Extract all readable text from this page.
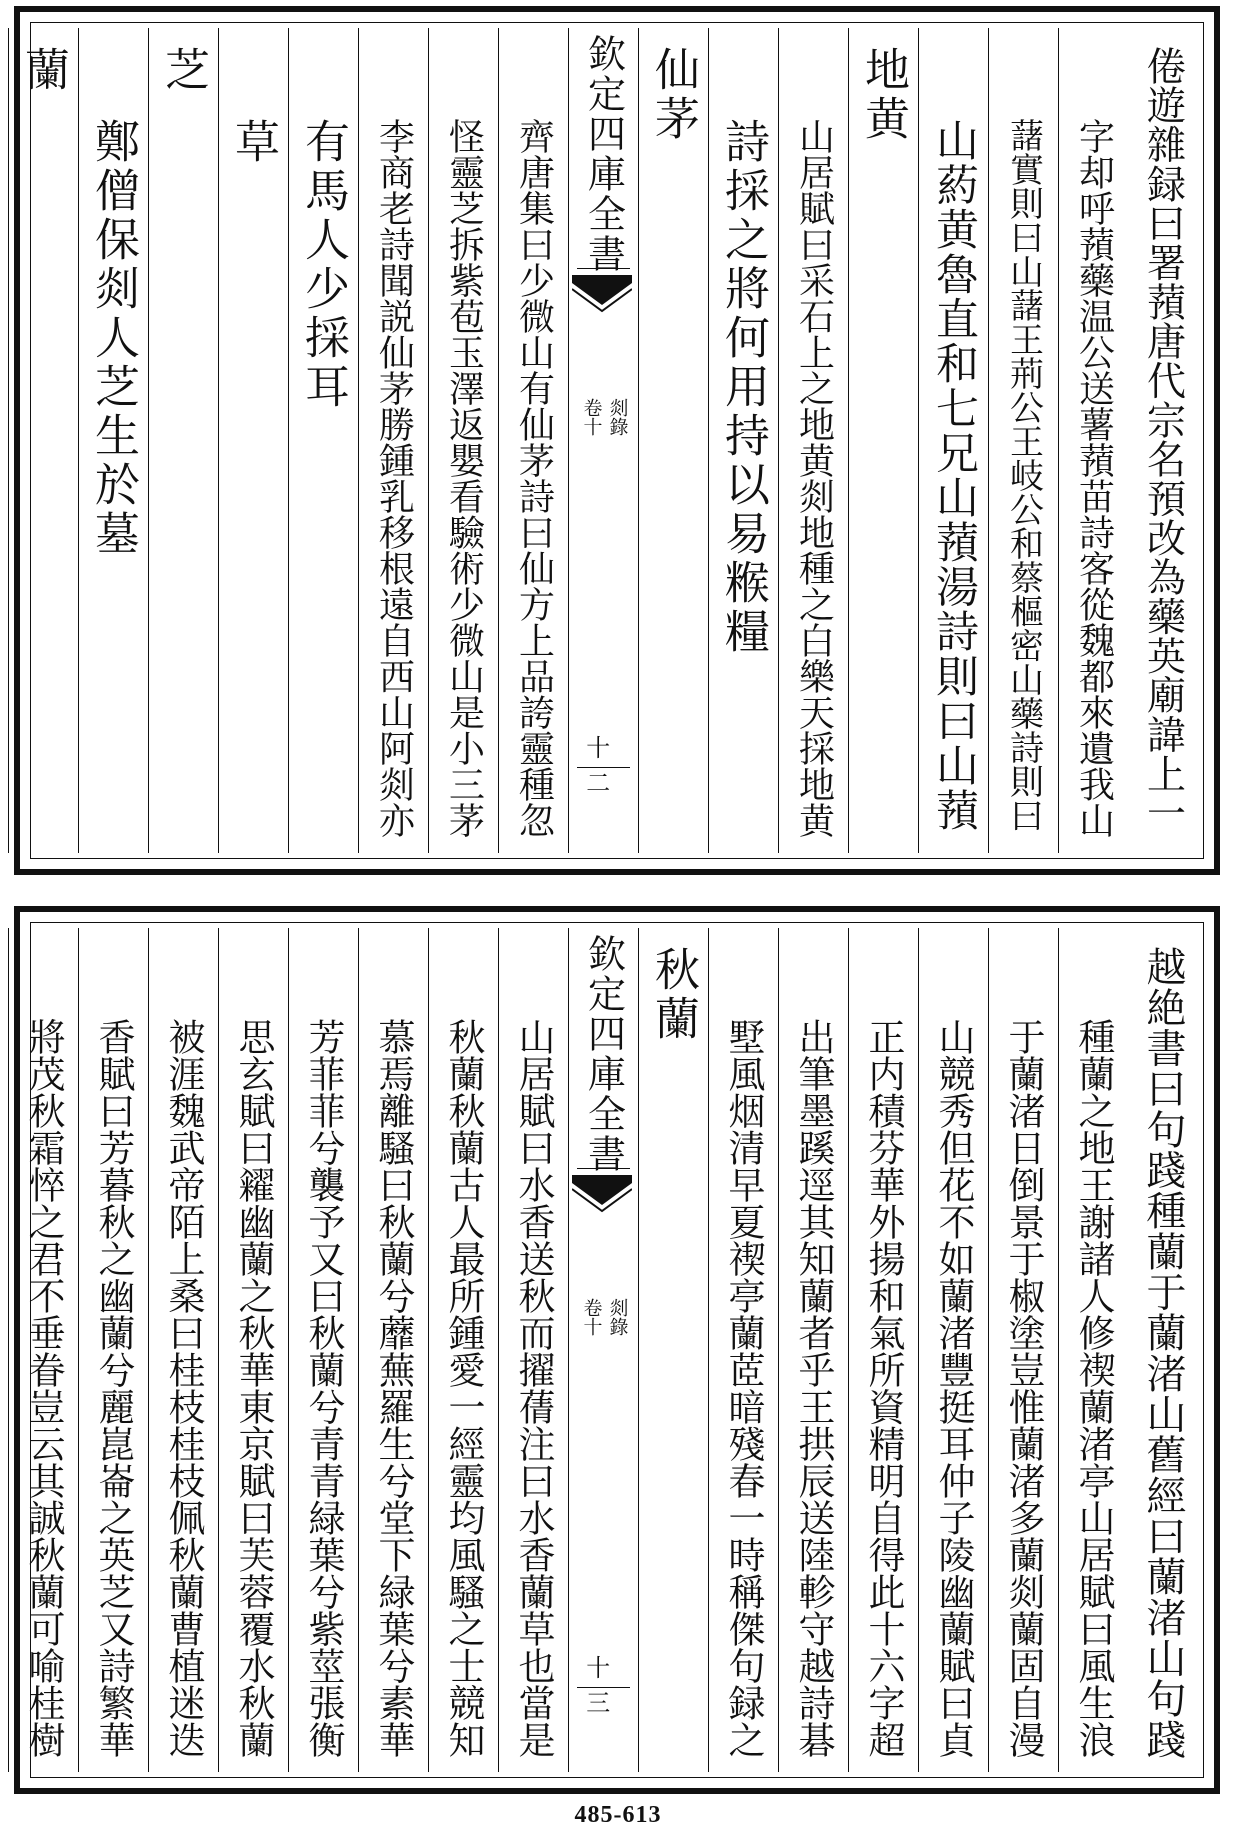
倦遊雜録曰署蕷唐代宗名預改為藥英廟諱上一
字却呼蕷藥温公送薯蕷苗詩客從魏都來遺我山
藷實則曰山藷王荊公王岐公和蔡樞密山藥詩則曰
山葯黄魯直和七兄山蕷湯詩則曰山蕷
地黄
山居賦曰采石上之地黄剡地種之白樂天採地黄
詩採之將何用持以易糇糧
仙茅
欽定四庫全書
剡錄
卷十
十二
齊唐集曰少微山有仙茅詩曰仙方上品誇靈種忽
怪靈芝拆紫苞玉澤返嬰看驗術少微山是小三茅
李商老詩聞説仙茅勝鍾乳移根遠自西山阿剡亦
有馬人少採耳
草
芝
鄭僧保剡人芝生於墓
蘭
越絶書曰句踐種蘭于蘭渚山舊經曰蘭渚山句踐
種蘭之地王謝諸人修禊蘭渚亭山居賦曰風生浪
于蘭渚日倒景于椒塗豈惟蘭渚多蘭剡蘭固自漫
山競秀但花不如蘭渚豐挺耳仲子陵幽蘭賦曰貞
正内積芬華外揚和氣所資精明自得此十六字超
出筆墨蹊逕其知蘭者乎王拱辰送陸軫守越詩碁
墅風烟清早夏禊亭蘭茝暗殘春一時稱傑句録之
秋蘭
欽定四庫全書
剡錄
卷十
十三
山居賦曰水香送秋而擢蒨注曰水香蘭草也當是
秋蘭秋蘭古人最所鍾愛一經靈均風騷之士競知
慕焉離騷曰秋蘭兮蘼蕪羅生兮堂下緑葉兮素華
芳菲菲兮襲予又曰秋蘭兮青青緑葉兮紫莖張衡
思玄賦曰糴幽蘭之秋華東京賦曰芙蓉覆水秋蘭
被涯魏武帝陌上桑曰桂枝桂枝佩秋蘭曹植迷迭
香賦曰芳暮秋之幽蘭兮麗崑崙之英芝又詩繁華
將茂秋霜悴之君不垂眷豈云其誠秋蘭可喻桂樹
485-613
